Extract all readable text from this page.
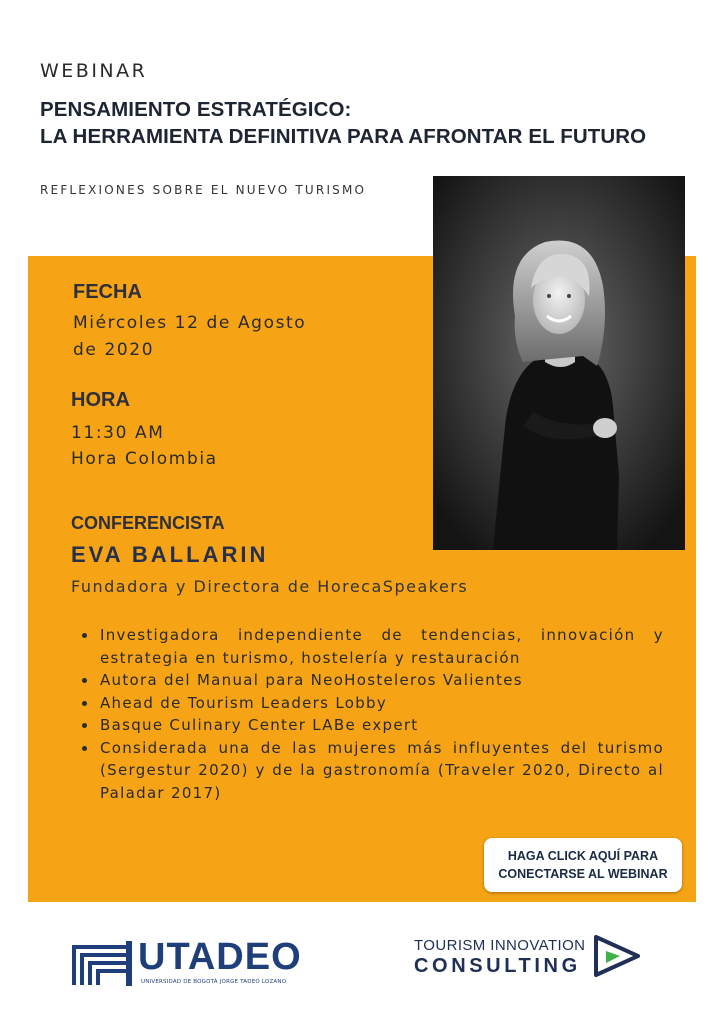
WEBINAR
PENSAMIENTO ESTRATÉGICO:
LA HERRAMIENTA DEFINITIVA PARA AFRONTAR EL FUTURO
REFLEXIONES SOBRE EL NUEVO TURISMO
FECHA
Miércoles 12 de Agosto
de 2020
HORA
11:30 AM
Hora Colombia
CONFERENCISTA
EVA BALLARIN
Fundadora y Directora de HorecaSpeakers
• Investigadora independiente de tendencias, innovación y estrategia en turismo, hostelería y restauración
• Autora del Manual para NeoHosteleros Valientes
• Ahead de Tourism Leaders Lobby
• Basque Culinary Center LABe expert
• Considerada una de las mujeres más influyentes del turismo (Sergestur 2020) y de la gastronomía (Traveler 2020, Directo al Paladar 2017)
HAGA CLICK AQUÍ PARA
CONECTARSE AL WEBINAR
UTADEO
UNIVERSIDAD DE BOGOTÁ JORGE TADEO LOZANO
TOURISM INNOVATION
CONSULTING
